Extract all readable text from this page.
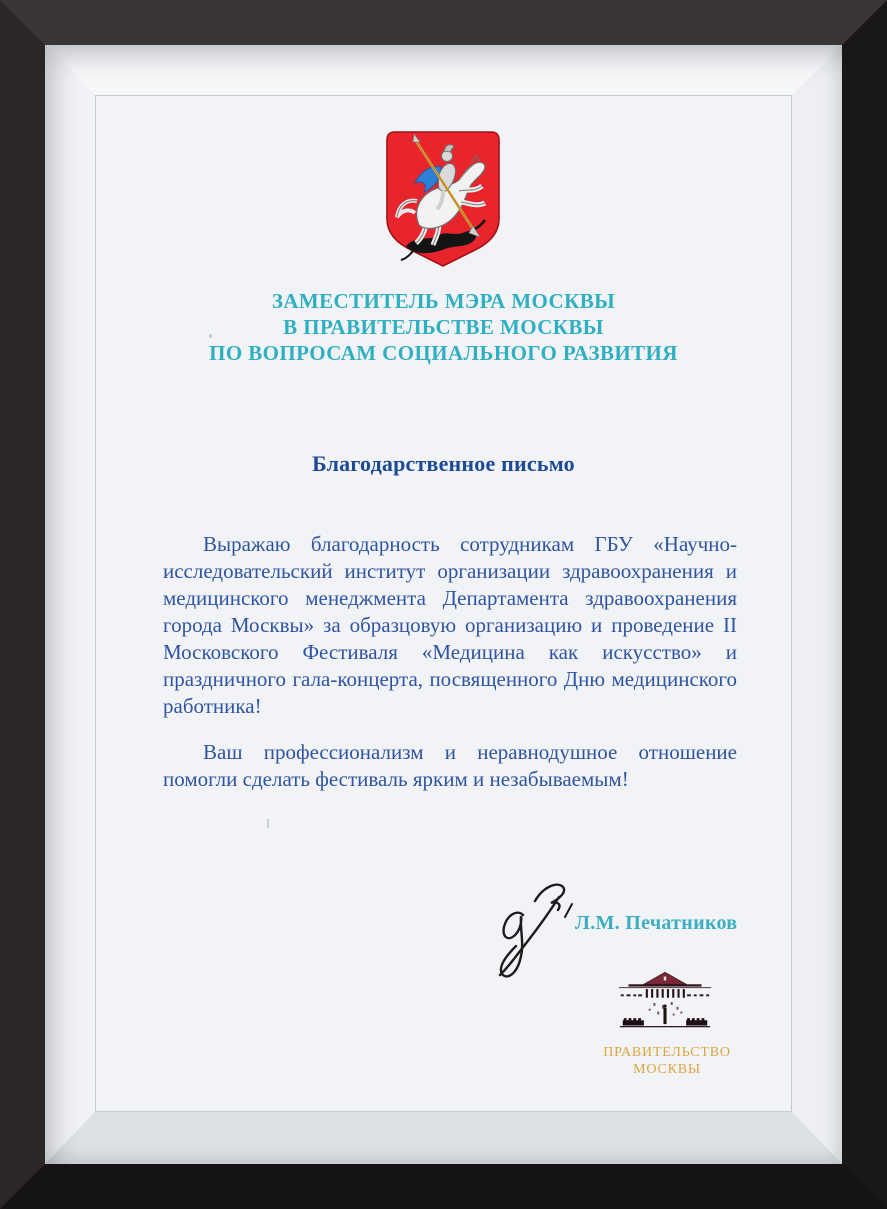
ЗАМЕСТИТЕЛЬ МЭРА МОСКВЫ
В ПРАВИТЕЛЬСТВЕ МОСКВЫ
ПО ВОПРОСАМ СОЦИАЛЬНОГО РАЗВИТИЯ
Благодарственное письмо

Выражаю благодарность сотрудникам ГБУ «Научно-исследовательский институт организации здравоохранения и медицинского менеджмента Департамента здравоохранения города Москвы» за образцовую организацию и проведение II Московского Фестиваля «Медицина как искусство» и праздничного гала-концерта, посвященного Дню медицинского работника!

Ваш профессионализм и неравнодушное отношение помогли сделать фестиваль ярким и незабываемым!

Л.М. Печатников
ПРАВИТЕЛЬСТВО
МОСКВЫ
